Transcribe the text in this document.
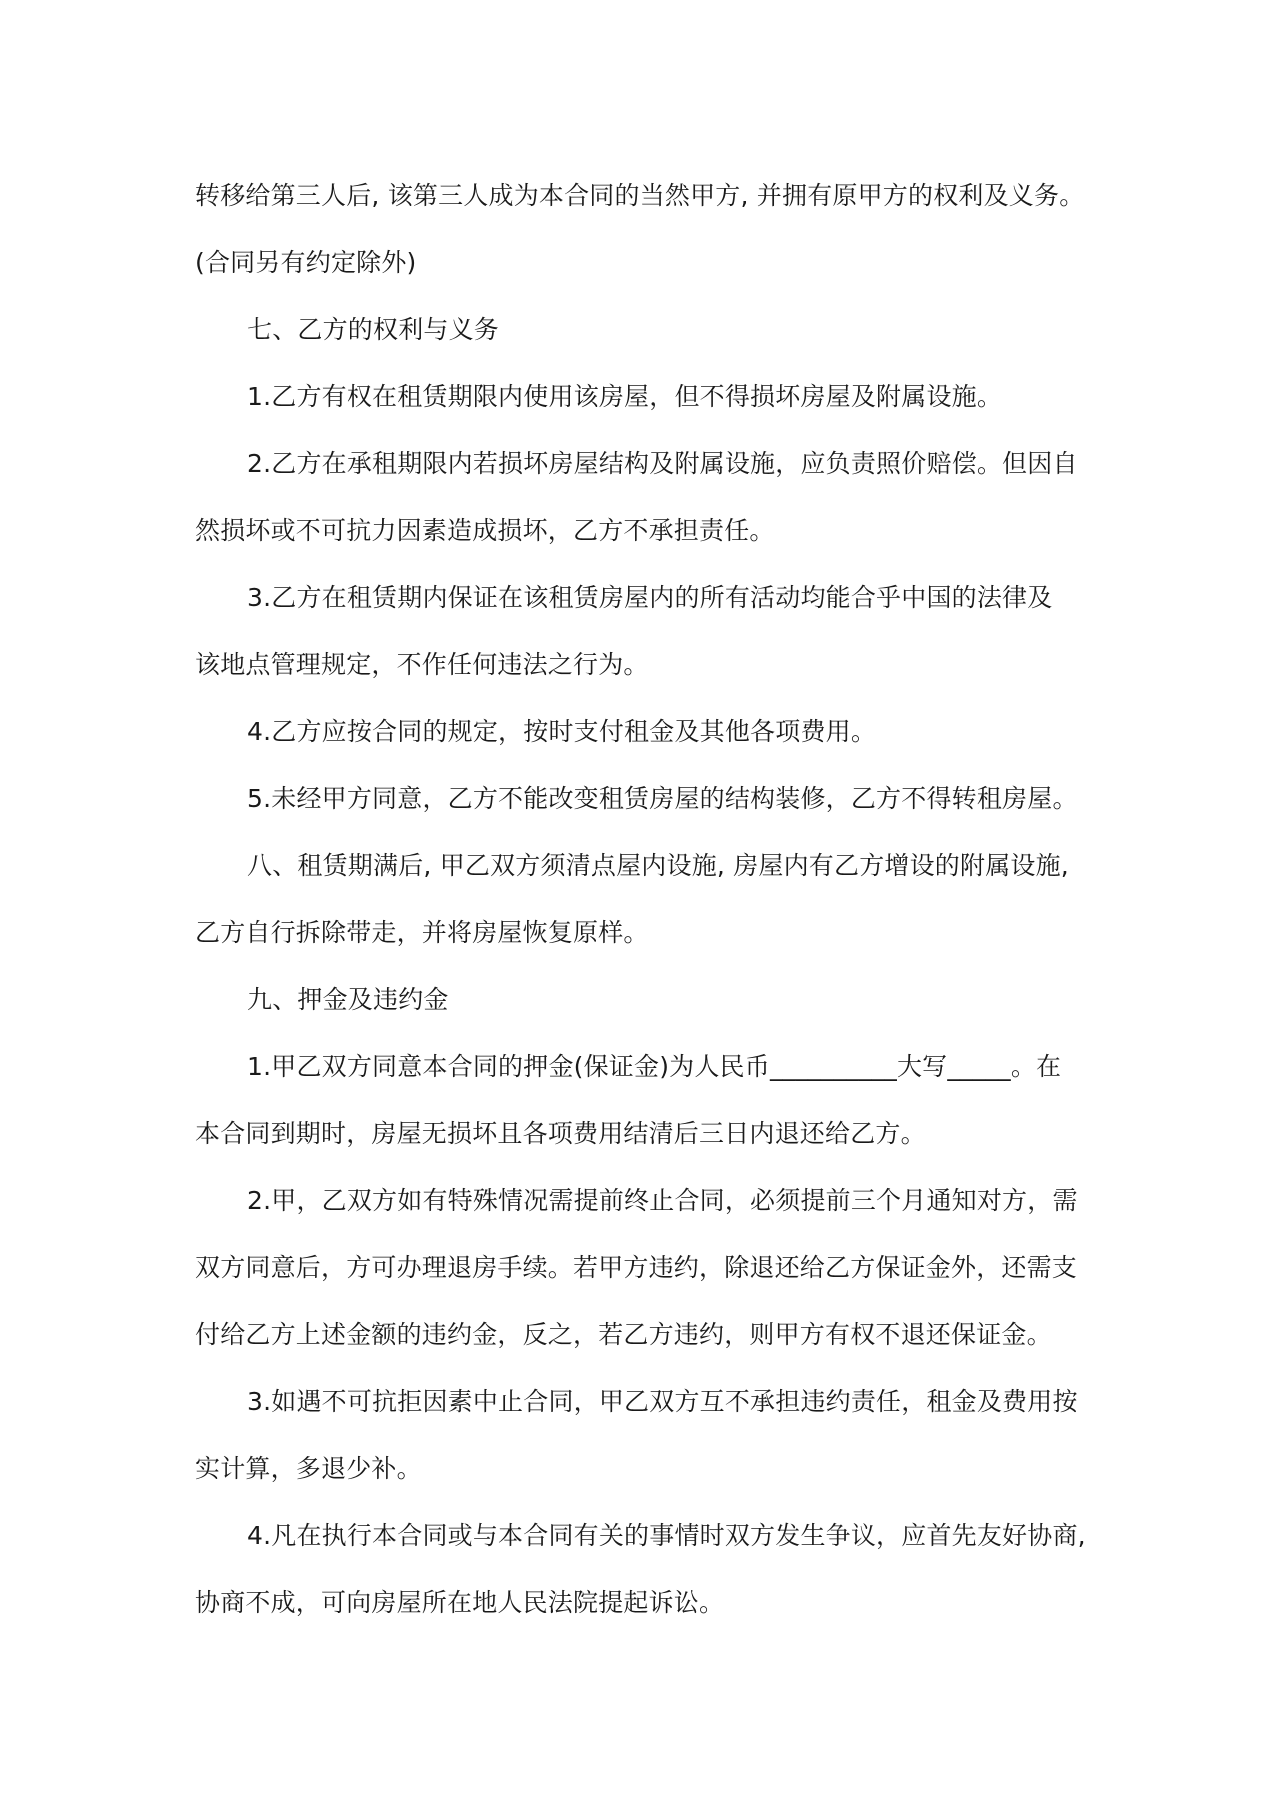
转移给第三人后, 该第三人成为本合同的当然甲方, 并拥有原甲方的权利及义务。
(合同另有约定除外)
七、乙方的权利与义务
1.乙方有权在租赁期限内使用该房屋，但不得损坏房屋及附属设施。
2.乙方在承租期限内若损坏房屋结构及附属设施，应负责照价赔偿。但因自
然损坏或不可抗力因素造成损坏，乙方不承担责任。
3.乙方在租赁期内保证在该租赁房屋内的所有活动均能合乎中国的法律及
该地点管理规定，不作任何违法之行为。
4.乙方应按合同的规定，按时支付租金及其他各项费用。
5.未经甲方同意，乙方不能改变租赁房屋的结构装修，乙方不得转租房屋。
八、租赁期满后, 甲乙双方须清点屋内设施, 房屋内有乙方增设的附属设施,
乙方自行拆除带走，并将房屋恢复原样。
九、押金及违约金
1.甲乙双方同意本合同的押金(保证金)为人民币__________大写_____。在
本合同到期时，房屋无损坏且各项费用结清后三日内退还给乙方。
2.甲，乙双方如有特殊情况需提前终止合同，必须提前三个月通知对方，需
双方同意后，方可办理退房手续。若甲方违约，除退还给乙方保证金外，还需支
付给乙方上述金额的违约金，反之，若乙方违约，则甲方有权不退还保证金。
3.如遇不可抗拒因素中止合同，甲乙双方互不承担违约责任，租金及费用按
实计算，多退少补。
4.凡在执行本合同或与本合同有关的事情时双方发生争议，应首先友好协商,
协商不成，可向房屋所在地人民法院提起诉讼。
